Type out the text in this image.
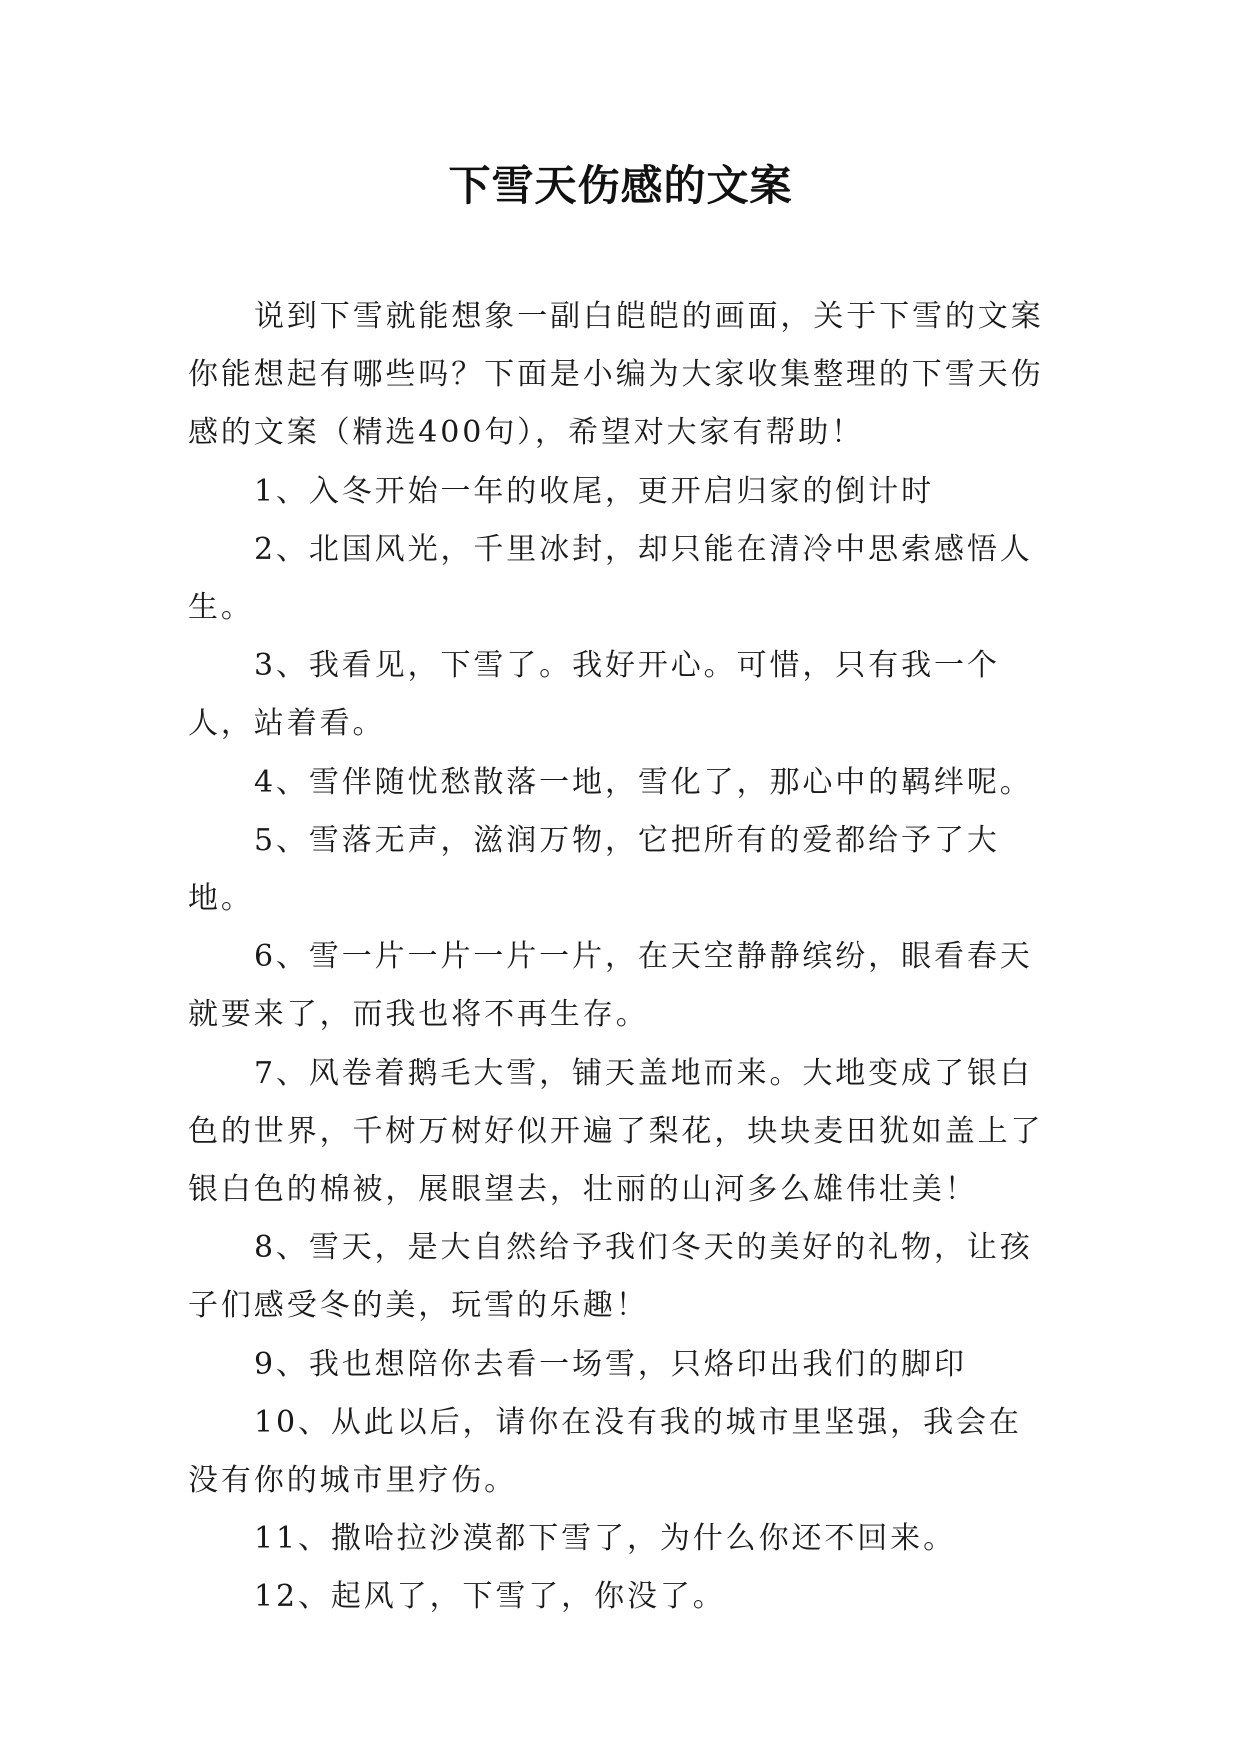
下雪天伤感的文案

说到下雪就能想象一副白皑皑的画面，关于下雪的文案你能想起有哪些吗？下面是小编为大家收集整理的下雪天伤感的文案（精选400句），希望对大家有帮助！

1、入冬开始一年的收尾，更开启归家的倒计时

2、北国风光，千里冰封，却只能在清冷中思索感悟人生。

3、我看见，下雪了。我好开心。可惜，只有我一个人，站着看。

4、雪伴随忧愁散落一地，雪化了，那心中的羁绊呢。

5、雪落无声，滋润万物，它把所有的爱都给予了大地。

6、雪一片一片一片一片，在天空静静缤纷，眼看春天就要来了，而我也将不再生存。

7、风卷着鹅毛大雪，铺天盖地而来。大地变成了银白色的世界，千树万树好似开遍了梨花，块块麦田犹如盖上了银白色的棉被，展眼望去，壮丽的山河多么雄伟壮美！

8、雪天，是大自然给予我们冬天的美好的礼物，让孩子们感受冬的美，玩雪的乐趣！

9、我也想陪你去看一场雪，只烙印出我们的脚印

10、从此以后，请你在没有我的城市里坚强，我会在没有你的城市里疗伤。

11、撒哈拉沙漠都下雪了，为什么你还不回来。

12、起风了，下雪了，你没了。
